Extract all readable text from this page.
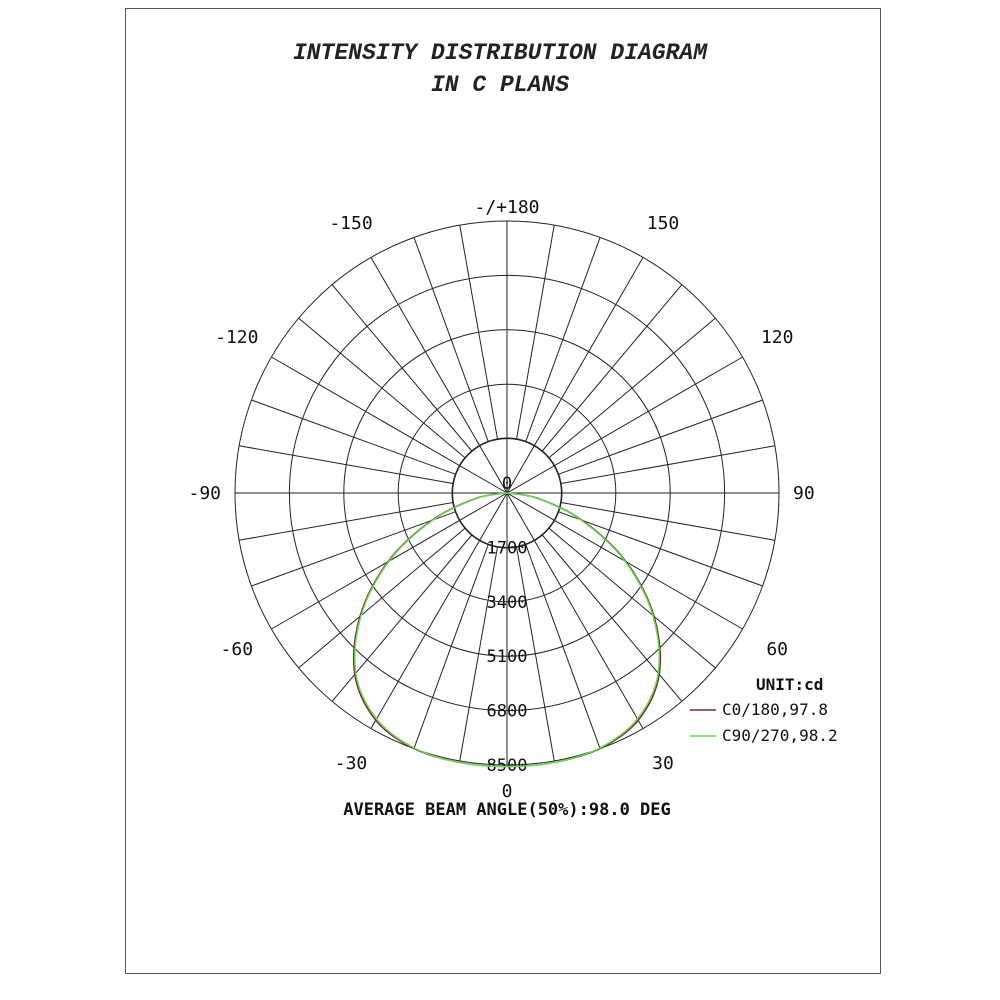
INTENSITY DISTRIBUTION DIAGRAM
IN C PLANS
-/+180
150
-150
120
-120
90
-90
60
-60
30
-30
0
0
1700
3400
5100
6800
8500
UNIT:cd
C0/180,97.8
C90/270,98.2
AVERAGE BEAM ANGLE(50%):98.0 DEG
